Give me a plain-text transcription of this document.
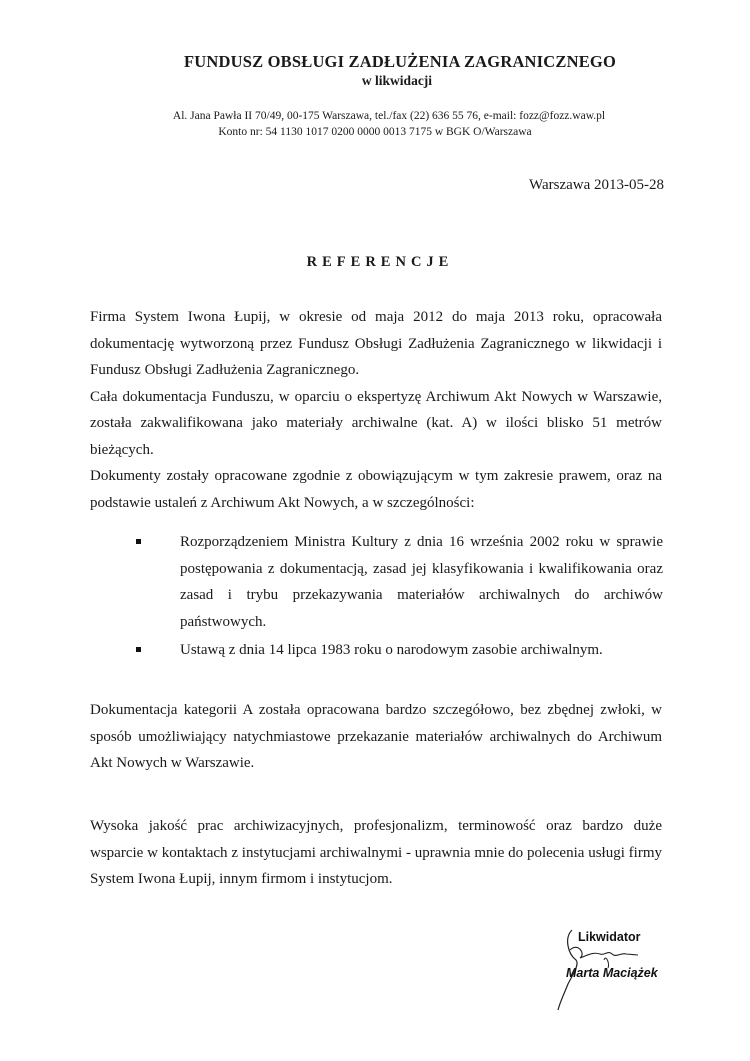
FUNDUSZ OBSŁUGI ZADŁUŻENIA ZAGRANICZNEGO
w likwidacji
Al. Jana Pawła II 70/49, 00-175 Warszawa, tel./fax (22) 636 55 76, e-mail: fozz@fozz.waw.pl
Konto nr: 54 1130 1017 0200 0000 0013 7175 w BGK O/Warszawa
Warszawa 2013-05-28
REFERENCJE

Firma System Iwona Łupij, w okresie od maja 2012 do maja 2013 roku, opracowała dokumentację wytworzoną przez Fundusz Obsługi Zadłużenia Zagranicznego w likwidacji i Fundusz Obsługi Zadłużenia Zagranicznego.

Cała dokumentacja Funduszu, w oparciu o ekspertyzę Archiwum Akt Nowych w Warszawie, została zakwalifikowana jako materiały archiwalne (kat. A) w ilości blisko 51 metrów bieżących.

Dokumenty zostały opracowane zgodnie z obowiązującym w tym zakresie prawem, oraz na podstawie ustaleń z Archiwum Akt Nowych, a w szczególności:

Rozporządzeniem Ministra Kultury z dnia 16 września 2002 roku w sprawie postępowania z dokumentacją, zasad jej klasyfikowania i kwalifikowania oraz zasad i trybu przekazywania materiałów archiwalnych do archiwów państwowych.
Ustawą z dnia 14 lipca 1983 roku o narodowym zasobie archiwalnym.

Dokumentacja kategorii A została opracowana bardzo szczegółowo, bez zbędnej zwłoki, w sposób umożliwiający natychmiastowe przekazanie materiałów archiwalnych do Archiwum Akt Nowych w Warszawie.

Wysoka jakość prac archiwizacyjnych, profesjonalizm, terminowość oraz bardzo duże wsparcie w kontaktach z instytucjami archiwalnymi - uprawnia mnie do polecenia usługi firmy System Iwona Łupij, innym firmom i instytucjom.

Likwidator
Marta Maciążek
